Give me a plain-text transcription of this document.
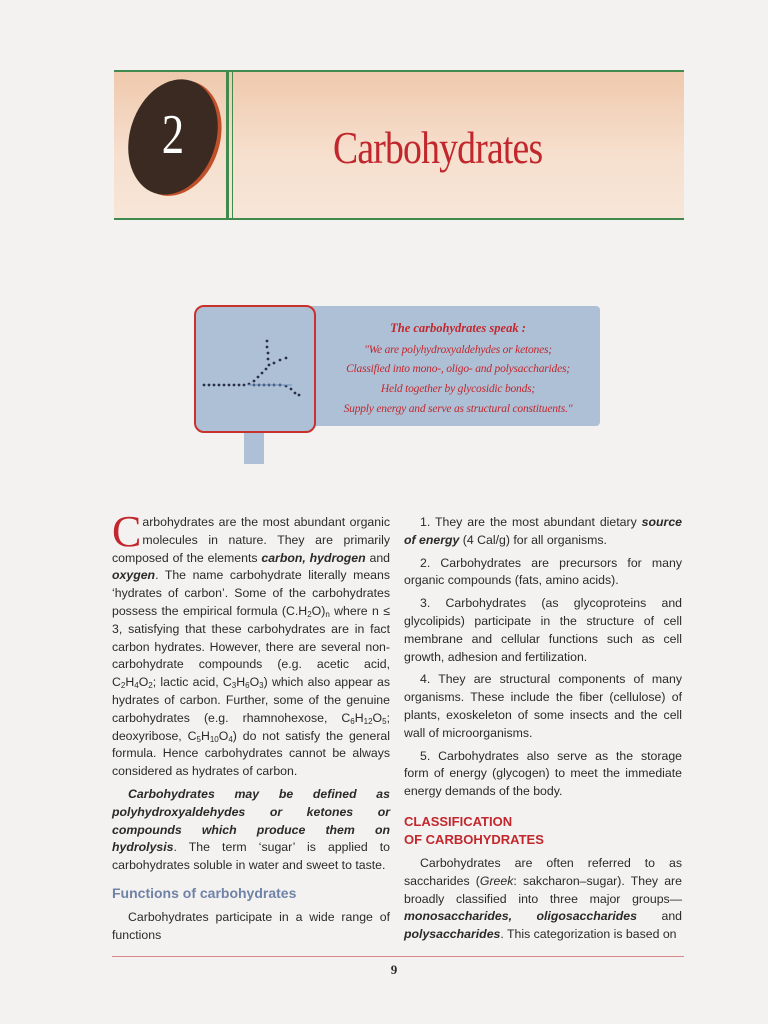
2	Carbohydrates
The carbohydrates speak :
"We are polyhydroxyaldehydes or ketones;
Classified into mono-, oligo- and polysaccharides;
Held together by glycosidic bonds;
Supply energy and serve as structural constituents."

Carbohydrates are the most abundant organic molecules in nature. They are primarily composed of the elements carbon, hydrogen and oxygen. The name carbohydrate literally means ‘hydrates of carbon’. Some of the carbohydrates possess the empirical formula $(C.H_2O)_n$ where n ≤ 3, satisfying that these carbohydrates are in fact carbon hydrates. However, there are several non-carbohydrate compounds (e.g. acetic acid, $C_2H_4O_2$; lactic acid, $C_3H_6O_3$) which also appear as hydrates of carbon. Further, some of the genuine carbohydrates (e.g. rhamnohexose, $C_6H_{12}O_5$; deoxyribose, $C_5H_{10}O_4$) do not satisfy the general formula. Hence carbohydrates cannot be always considered as hydrates of carbon.

Carbohydrates may be defined as polyhydroxyaldehydes or ketones or compounds which produce them on hydrolysis. The term ‘sugar’ is applied to carbohydrates soluble in water and sweet to taste.

Functions of carbohydrates

Carbohydrates participate in a wide range of functions

1. They are the most abundant dietary source of energy (4 Cal/g) for all organisms.

2. Carbohydrates are precursors for many organic compounds (fats, amino acids).

3. Carbohydrates (as glycoproteins and glycolipids) participate in the structure of cell membrane and cellular functions such as cell growth, adhesion and fertilization.

4. They are structural components of many organisms. These include the fiber (cellulose) of plants, exoskeleton of some insects and the cell wall of microorganisms.

5. Carbohydrates also serve as the storage form of energy (glycogen) to meet the immediate energy demands of the body.

CLASSIFICATION
OF CARBOHYDRATES

Carbohydrates are often referred to as saccharides (Greek: sakcharon–sugar). They are broadly classified into three major groups—monosaccharides, oligosaccharides and polysaccharides. This categorization is based on

9
